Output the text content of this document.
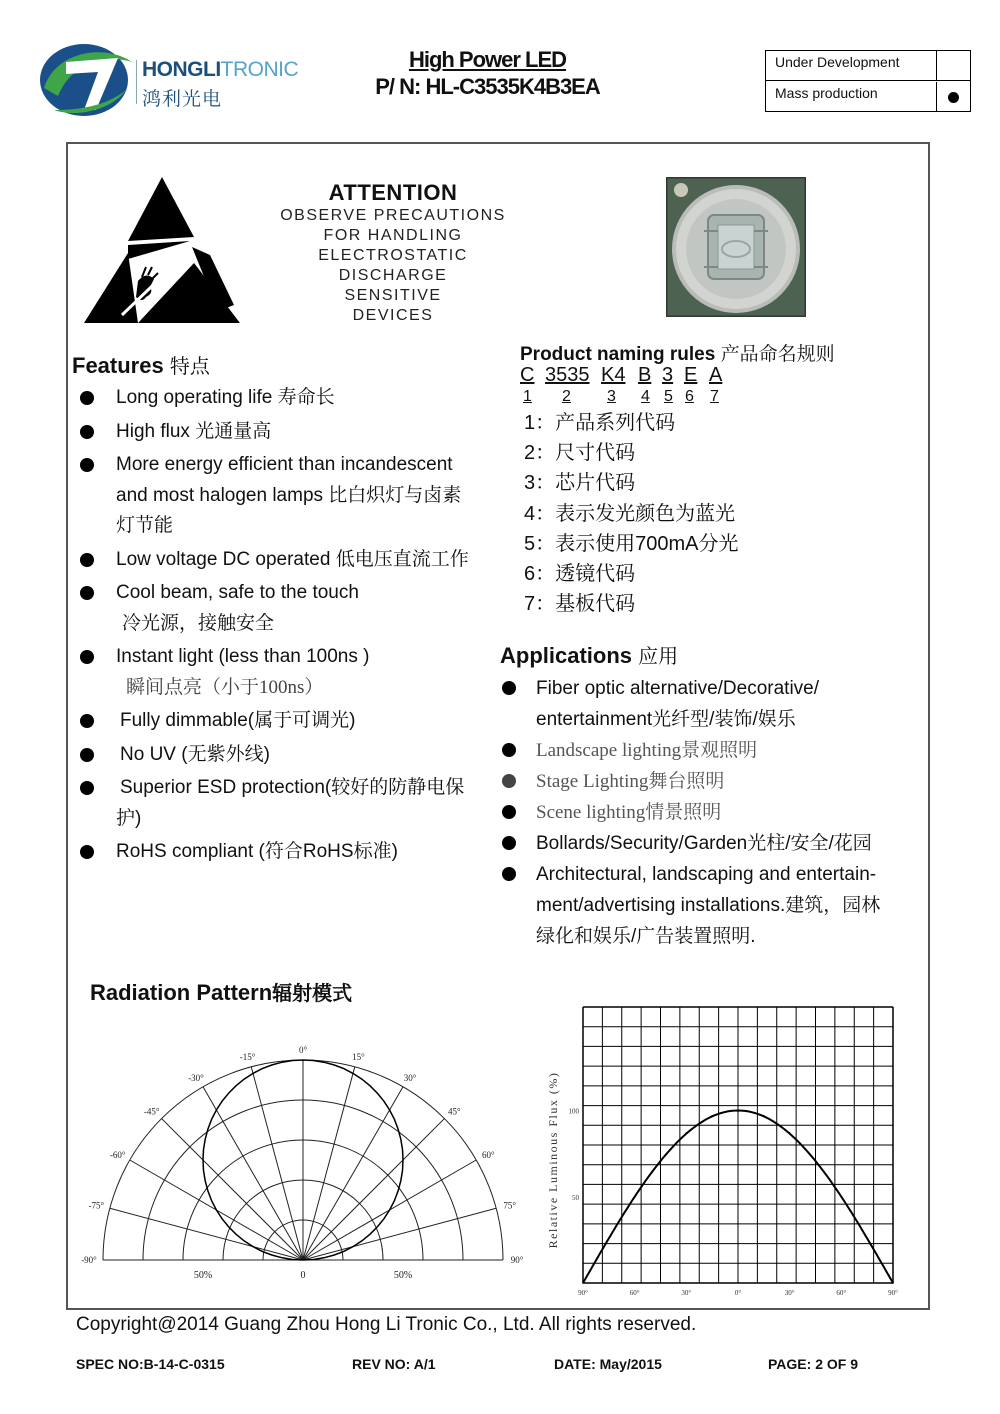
HONGLITRONIC
鸿利光电
High Power LED
P/ N: HL-C3535K4B3EA
Under Development
Mass production
ATTENTION
OBSERVE PRECAUTIONS
FOR HANDLING
ELECTROSTATIC
DISCHARGE
SENSITIVE
DEVICES
Features 特点
Long operating life 寿命长
High flux 光通量高
More energy efficient than incandescent
and most halogen lamps 比白炽灯与卤素
灯节能
Low voltage DC operated 低电压直流工作
Cool beam, safe to the touch
冷光源，接触安全
Instant light (less than 100ns )
瞬间点亮（小于100ns）
Fully dimmable(属于可调光)
No UV (无紫外线)
Superior ESD protection(较好的防静电保
护)
RoHS compliant (符合RoHS标准)
Product naming rules 产品命名规则
C 3535 K4 B 3 E A
1 2 3 4 5 6 7
1：产品系列代码
2：尺寸代码
3：芯片代码
4：表示发光颜色为蓝光
5：表示使用700mA分光
6：透镜代码
7：基板代码
Applications 应用
Fiber optic alternative/Decorative/
entertainment光纤型/装饰/娱乐
Landscape lighting景观照明
Stage Lighting舞台照明
Scene lighting情景照明
Bollards/Security/Garden光柱/安全/花园
Architectural, landscaping and entertain-
ment/advertising installations.建筑，园林
绿化和娱乐/广告装置照明.
Radiation Pattern辐射模式
-90°
-75°
-60°
-45°
-30°
-15°
0°
15°
30°
45°
60°
75°
90°
50%	0	50%
90°	60°	30°	0°	30°	60°	90°
100
50
Relative Luminous Flux (%)
Copyright@2014 Guang Zhou Hong Li Tronic Co., Ltd. All rights reserved.
SPEC NO:B-14-C-0315	REV NO: A/1	DATE: May/2015	PAGE: 2 OF 9
